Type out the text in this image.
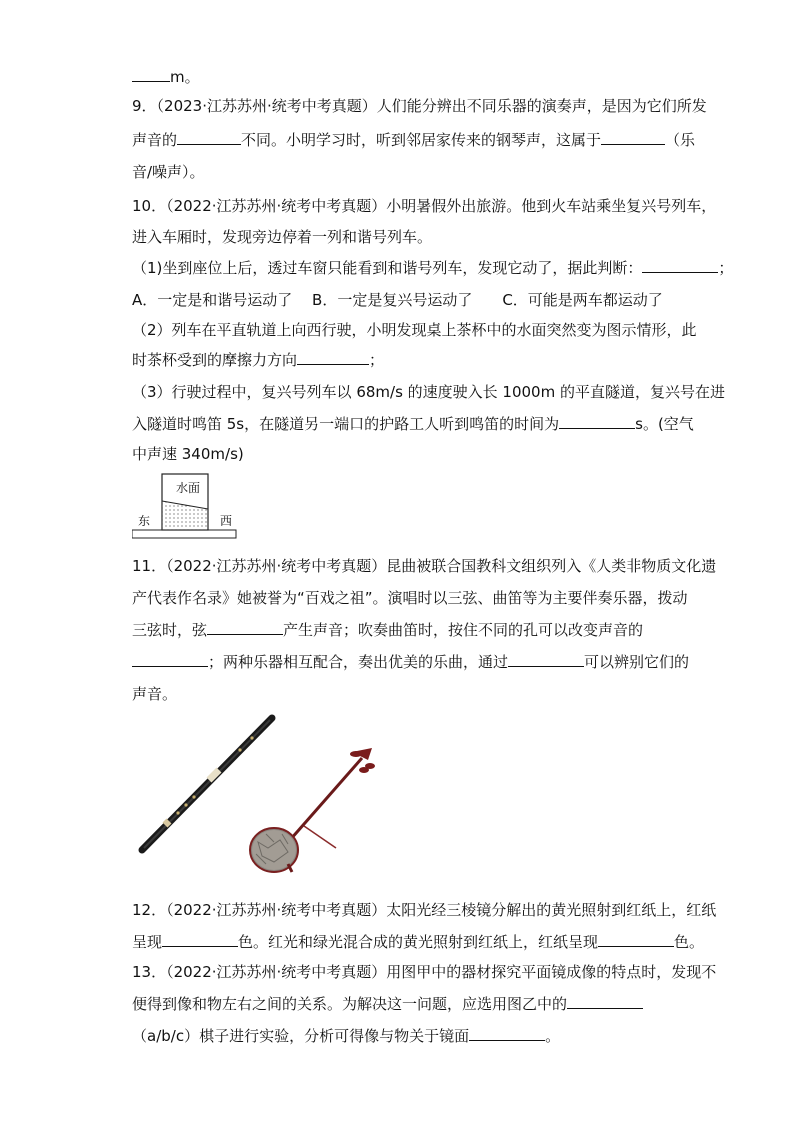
m。
9．（2023·江苏苏州·统考中考真题）人们能分辨出不同乐器的演奏声，是因为它们所发
声音的	不同。小明学习时，听到邻居家传来的钢琴声，这属于	（乐
音/噪声）。
10．（2022·江苏苏州·统考中考真题）小明暑假外出旅游。他到火车站乘坐复兴号列车，
进入车厢时，发现旁边停着一列和谐号列车。
（1)坐到座位上后，透过车窗只能看到和谐号列车，发现它动了，据此判断：	；
A．一定是和谐号运动了　 B．一定是复兴号运动了　　C．可能是两车都运动了
（2）列车在平直轨道上向西行驶，小明发现桌上茶杯中的水面突然变为图示情形，此
时茶杯受到的摩擦力方向	；
（3）行驶过程中，复兴号列车以 68m/s 的速度驶入长 1000m 的平直隧道，复兴号在进
入隧道时鸣笛 5s，在隧道另一端口的护路工人听到鸣笛的时间为	s。(空气
中声速 340m/s)
11．（2022·江苏苏州·统考中考真题）昆曲被联合国教科文组织列入《人类非物质文化遗
产代表作名录》她被誉为“百戏之祖”。演唱时以三弦、曲笛等为主要伴奏乐器，拨动
三弦时，弦	产生声音；吹奏曲笛时，按住不同的孔可以改变声音的
；两种乐器相互配合，奏出优美的乐曲，通过	可以辨别它们的
声音。
12．（2022·江苏苏州·统考中考真题）太阳光经三棱镜分解出的黄光照射到红纸上，红纸
呈现	色。红光和绿光混合成的黄光照射到红纸上，红纸呈现	色。
13．（2022·江苏苏州·统考中考真题）用图甲中的器材探究平面镜成像的特点时，发现不
便得到像和物左右之间的关系。为解决这一问题，应选用图乙中的
（a/b/c）棋子进行实验，分析可得像与物关于镜面	。
水面
东	西
